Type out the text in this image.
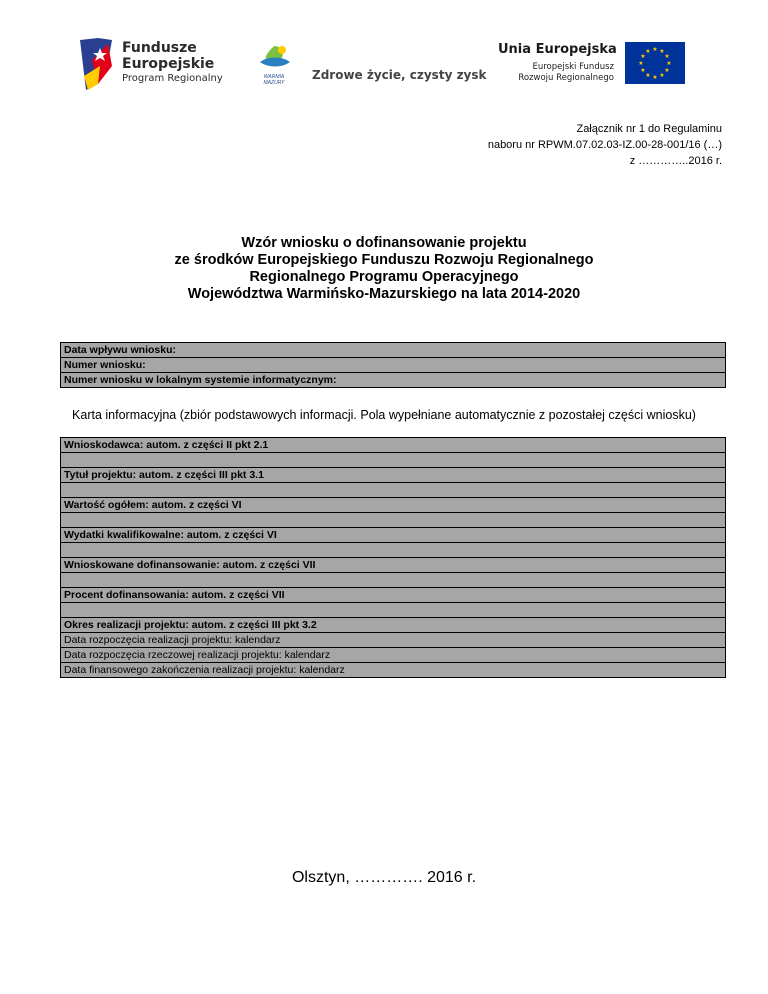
Fundusze
Europejskie
Program Regionalny	WARMIA MAZURY
Zdrowe życie, czysty zysk
Unia Europejska
Europejski Fundusz
Rozwoju Regionalnego
★ ★
★
★
★
★
★
★
★
★
★
★
Załącznik nr 1 do Regulaminu
naboru nr RPWM.07.02.03-IZ.00-28-001/16 (…)
z …………..2016 r.
Wzór wniosku o dofinansowanie projektu
ze środków Europejskiego Funduszu Rozwoju Regionalnego
Regionalnego Programu Operacyjnego
Województwa Warmińsko-Mazurskiego na lata 2014-2020
Data wpływu wniosku:
Numer wniosku:
Numer wniosku w lokalnym systemie informatycznym:
Karta informacyjna (zbiór podstawowych informacji. Pola wypełniane automatycznie z pozostałej części wniosku)
Wnioskodawca: autom. z części II pkt 2.1

Tytuł projektu: autom. z części III pkt 3.1

Wartość ogółem: autom. z części VI

Wydatki kwalifikowalne: autom. z części VI

Wnioskowane dofinansowanie: autom. z części VII

Procent dofinansowania: autom. z części VII

Okres realizacji projektu: autom. z części III pkt 3.2
Data rozpoczęcia realizacji projektu: kalendarz
Data rozpoczęcia rzeczowej realizacji projektu: kalendarz
Data finansowego zakończenia realizacji projektu: kalendarz
Olsztyn, …………. 2016 r.
